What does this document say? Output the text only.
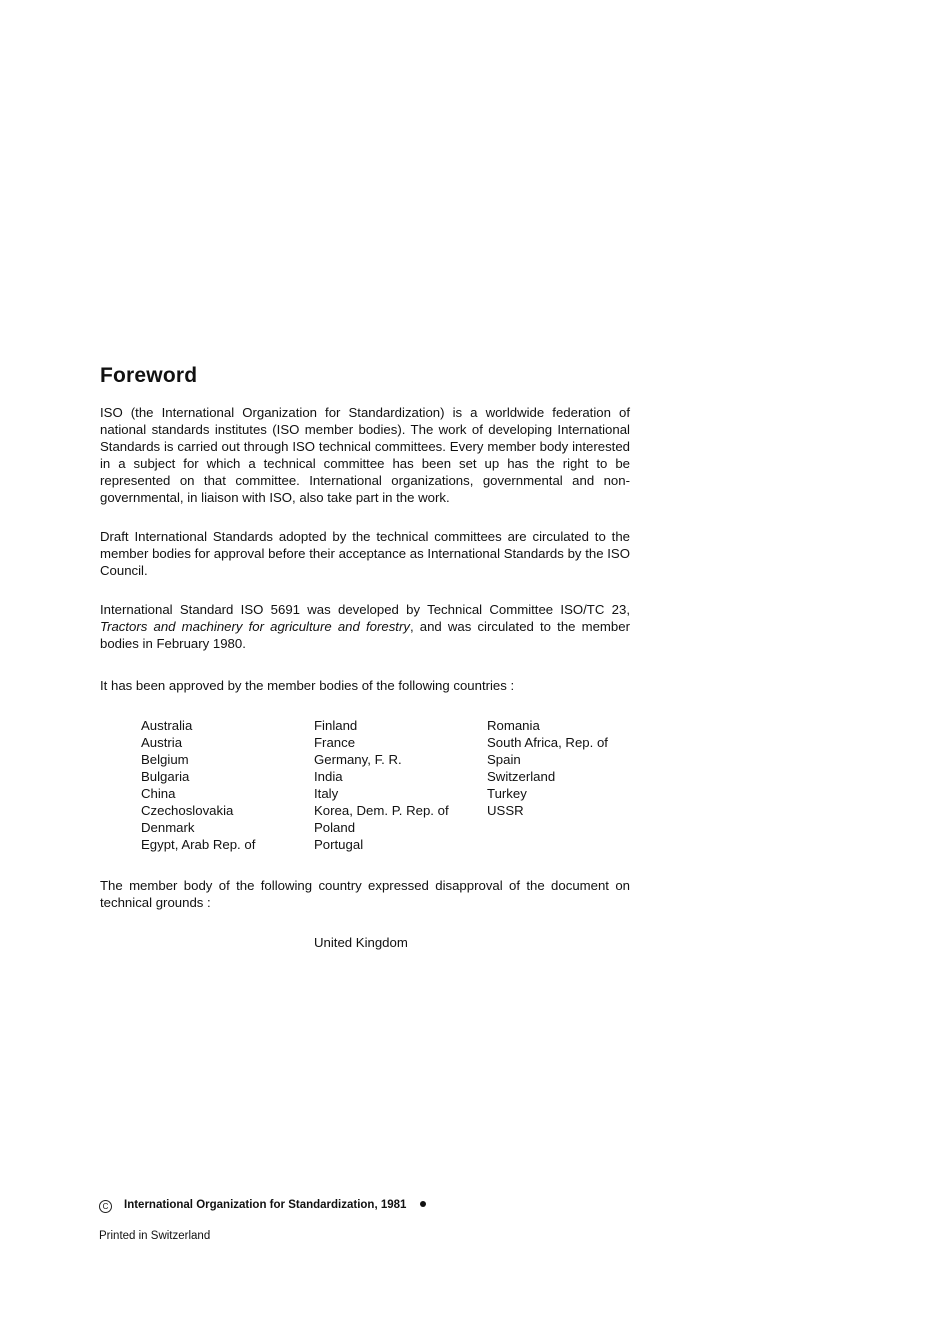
Foreword

ISO (the International Organization for Standardization) is a worldwide federation of national standards institutes (ISO member bodies). The work of developing International Standards is carried out through ISO technical committees. Every member body interested in a subject for which a technical committee has been set up has the right to be represented on that committee. International organizations, governmental and non-governmental, in liaison with ISO, also take part in the work.

Draft International Standards adopted by the technical committees are circulated to the member bodies for approval before their acceptance as International Standards by the ISO Council.

International Standard ISO 5691 was developed by Technical Committee ISO/TC 23, Tractors and machinery for agriculture and forestry, and was circulated to the member bodies in February 1980.

It has been approved by the member bodies of the following countries :

Australia
Austria
Belgium
Bulgaria
China
Czechoslovakia
Denmark
Egypt, Arab Rep. of
Finland
France
Germany, F. R.
India
Italy
Korea, Dem. P. Rep. of
Poland
Portugal
Romania
South Africa, Rep. of
Spain
Switzerland
Turkey
USSR

The member body of the following country expressed disapproval of the document on technical grounds :

United Kingdom
C International Organization for Standardization, 1981
Printed in Switzerland
